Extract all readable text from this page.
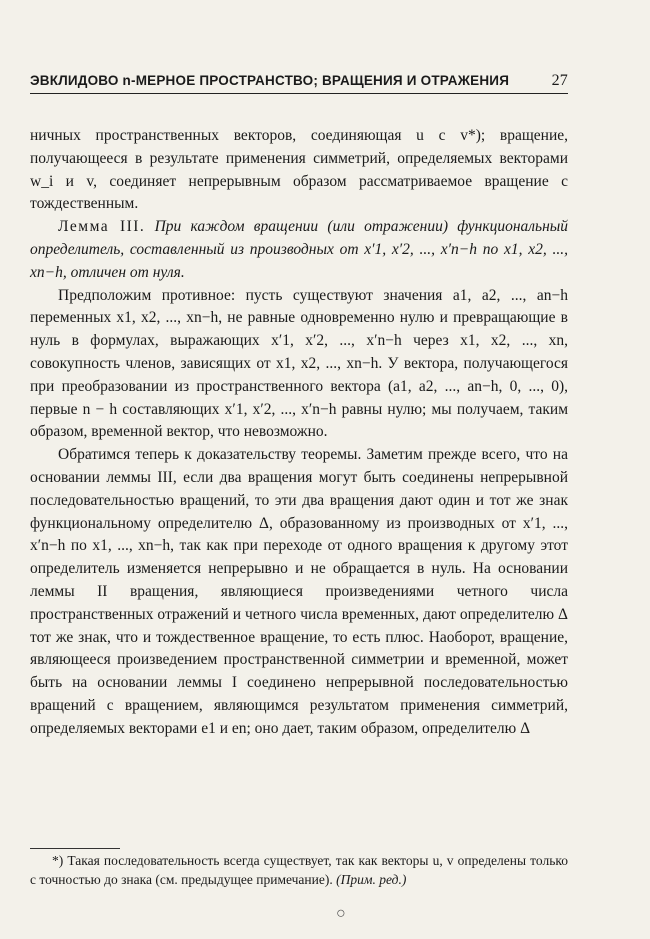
ЭВКЛИДОВО n-МЕРНОЕ ПРОСТРАНСТВО; ВРАЩЕНИЯ И ОТРАЖЕНИЯ	27

ничных пространственных векторов, соединяющая u с v*); вращение, получающееся в результате применения симметрий, определяемых векторами w_i и v, соединяет непрерывным образом рассматриваемое вращение с тождественным.

Лемма III. При каждом вращении (или отражении) функциональный определитель, составленный из производных от x′1, x′2, ..., x′n−h по x1, x2, ..., xn−h, отличен от нуля.

Предположим противное: пусть существуют значения a1, a2, ..., an−h переменных x1, x2, ..., xn−h, не равные одновременно нулю и превращающие в нуль в формулах, выражающих x′1, x′2, ..., x′n−h через x1, x2, ..., xn, совокупность членов, зависящих от x1, x2, ..., xn−h. У вектора, получающегося при преобразовании из пространственного вектора (a1, a2, ..., an−h, 0, ..., 0), первые n − h составляющих x′1, x′2, ..., x′n−h равны нулю; мы получаем, таким образом, временной вектор, что невозможно.

Обратимся теперь к доказательству теоремы. Заметим прежде всего, что на основании леммы III, если два вращения могут быть соединены непрерывной последовательностью вращений, то эти два вращения дают один и тот же знак функциональному определителю Δ, образованному из производных от x′1, ..., x′n−h по x1, ..., xn−h, так как при переходе от одного вращения к другому этот определитель изменяется непрерывно и не обращается в нуль. На основании леммы II вращения, являющиеся произведениями четного числа пространственных отражений и четного числа временных, дают определителю Δ тот же знак, что и тождественное вращение, то есть плюс. Наоборот, вращение, являющееся произведением пространственной симметрии и временной, может быть на основании леммы I соединено непрерывной последовательностью вращений с вращением, являющимся результатом применения симметрий, определяемых векторами e1 и en; оно дает, таким образом, определителю Δ

*) Такая последовательность всегда существует, так как векторы u, v определены только с точностью до знака (см. предыдущее примечание). (Прим. ред.)
○
